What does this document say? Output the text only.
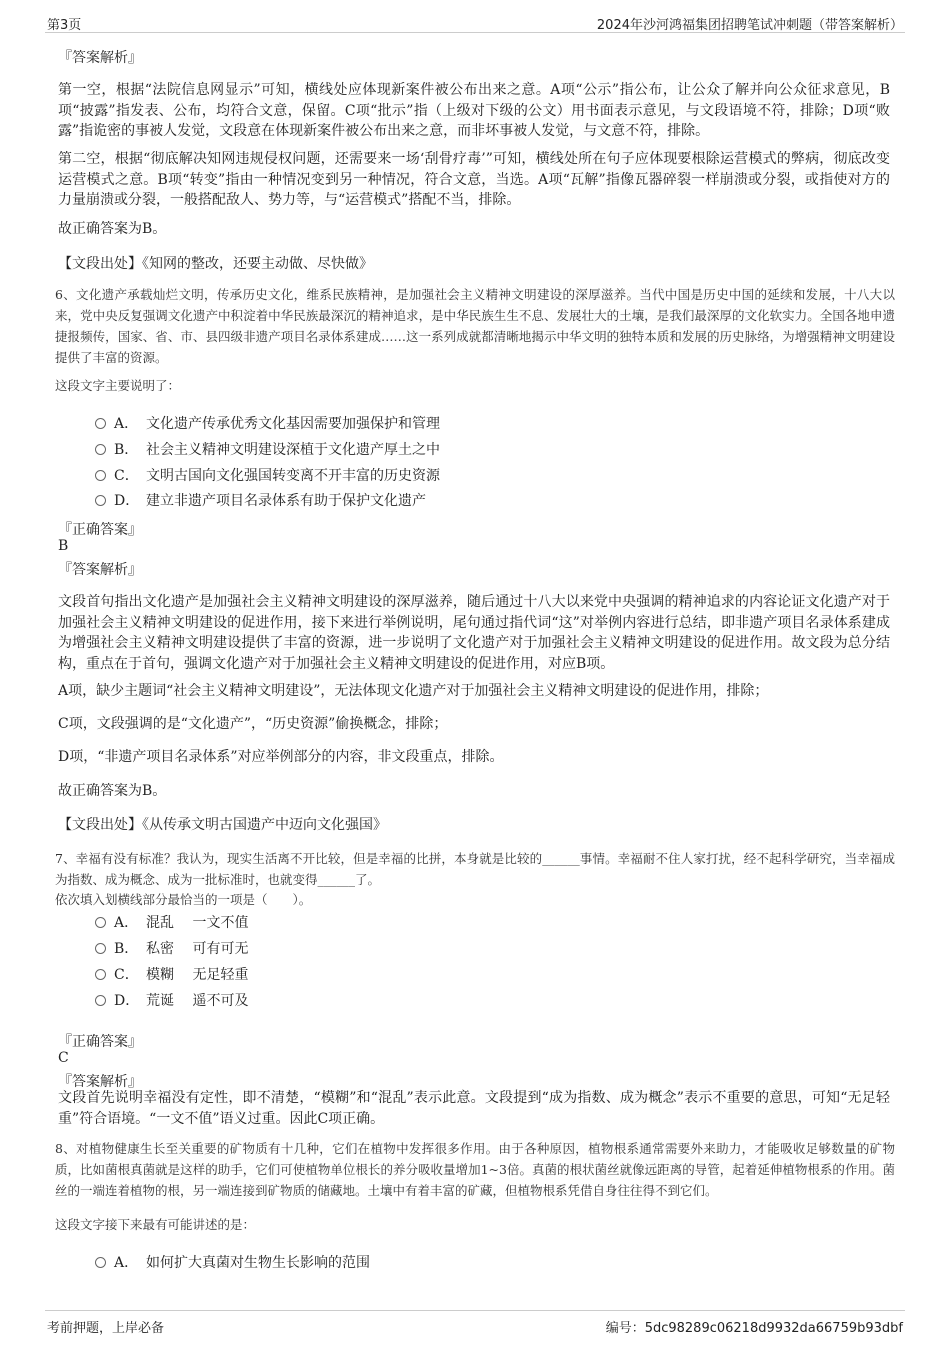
第3页	2024年沙河鸿福集团招聘笔试冲刺题（带答案解析）
『答案解析』
第一空，根据“法院信息网显示”可知，横线处应体现新案件被公布出来之意。A项“公示”指公布，让公众了解并向公众征求意见，B项“披露”指发表、公布，均符合文意，保留。C项“批示”指（上级对下级的公文）用书面表示意见，与文段语境不符，排除；D项“败露”指诡密的事被人发觉，文段意在体现新案件被公布出来之意，而非坏事被人发觉，与文意不符，排除。
第二空，根据“彻底解决知网违规侵权问题，还需要来一场‘刮骨疗毒’”可知，横线处所在句子应体现要根除运营模式的弊病，彻底改变运营模式之意。B项“转变”指由一种情况变到另一种情况，符合文意，当选。A项“瓦解”指像瓦器碎裂一样崩溃或分裂，或指使对方的力量崩溃或分裂，一般搭配敌人、势力等，与“运营模式”搭配不当，排除。
故正确答案为B。
【文段出处】《知网的整改，还要主动做、尽快做》
6、文化遗产承载灿烂文明，传承历史文化，维系民族精神，是加强社会主义精神文明建设的深厚滋养。当代中国是历史中国的延续和发展，十八大以来，党中央反复强调文化遗产中积淀着中华民族最深沉的精神追求，是中华民族生生不息、发展壮大的土壤，是我们最深厚的文化软实力。全国各地申遗捷报频传，国家、省、市、县四级非遗产项目名录体系建成……这一系列成就都清晰地揭示中华文明的独特本质和发展的历史脉络，为增强精神文明建设提供了丰富的资源。
这段文字主要说明了：
A． 文化遗产传承优秀文化基因需要加强保护和管理
B． 社会主义精神文明建设深植于文化遗产厚土之中
C． 文明古国向文化强国转变离不开丰富的历史资源
D． 建立非遗产项目名录体系有助于保护文化遗产
『正确答案』
B
『答案解析』
文段首句指出文化遗产是加强社会主义精神文明建设的深厚滋养，随后通过十八大以来党中央强调的精神追求的内容论证文化遗产对于加强社会主义精神文明建设的促进作用，接下来进行举例说明，尾句通过指代词“这”对举例内容进行总结，即非遗产项目名录体系建成为增强社会主义精神文明建设提供了丰富的资源，进一步说明了文化遗产对于加强社会主义精神文明建设的促进作用。故文段为总分结构，重点在于首句，强调文化遗产对于加强社会主义精神文明建设的促进作用，对应B项。
A项，缺少主题词“社会主义精神文明建设”，无法体现文化遗产对于加强社会主义精神文明建设的促进作用，排除；
C项，文段强调的是“文化遗产”，“历史资源”偷换概念，排除；
D项，“非遗产项目名录体系”对应举例部分的内容，非文段重点，排除。
故正确答案为B。
【文段出处】《从传承文明古国遗产中迈向文化强国》
7、幸福有没有标准？我认为，现实生活离不开比较，但是幸福的比拼，本身就是比较的______事情。幸福耐不住人家打扰，经不起科学研究，当幸福成为指数、成为概念、成为一批标准时，也就变得______了。
依次填入划横线部分最恰当的一项是（　　）。
A． 混乱　 一文不值
B． 私密　 可有可无
C． 模糊　 无足轻重
D． 荒诞　 遥不可及
『正确答案』
C
『答案解析』
文段首先说明幸福没有定性，即不清楚，“模糊”和“混乱”表示此意。文段提到“成为指数、成为概念”表示不重要的意思，可知“无足轻重”符合语境。“一文不值”语义过重。因此C项正确。
8、对植物健康生长至关重要的矿物质有十几种，它们在植物中发挥很多作用。由于各种原因，植物根系通常需要外来助力，才能吸收足够数量的矿物质，比如菌根真菌就是这样的助手，它们可使植物单位根长的养分吸收量增加1~3倍。真菌的根状菌丝就像远距离的导管，起着延伸植物根系的作用。菌丝的一端连着植物的根，另一端连接到矿物质的储藏地。土壤中有着丰富的矿藏，但植物根系凭借自身往往得不到它们。
这段文字接下来最有可能讲述的是：
A． 如何扩大真菌对生物生长影响的范围
考前押题，上岸必备	编号：5dc98289c06218d9932da66759b93dbf
